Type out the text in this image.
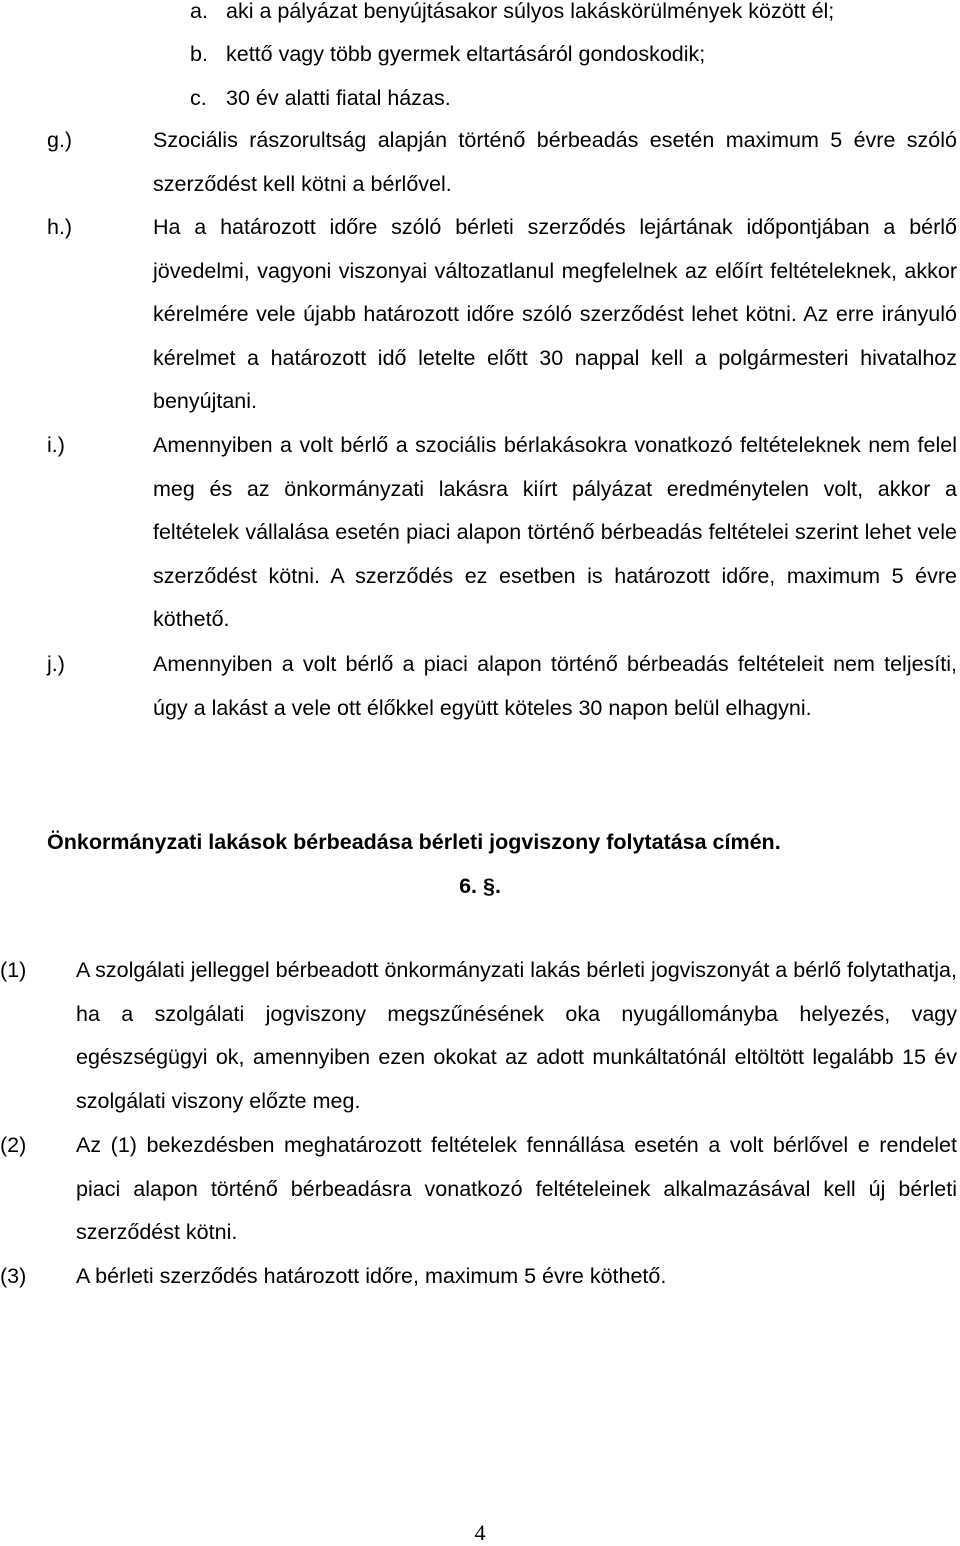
a. aki a pályázat benyújtásakor súlyos lakáskörülmények között él;
b. kettő vagy több gyermek eltartásáról gondoskodik;
c. 30 év alatti fiatal házas.
g.)	Szociális rászorultság alapján történő bérbeadás esetén maximum 5 évre szóló szerződést kell kötni a bérlővel.
h.)	Ha a határozott időre szóló bérleti szerződés lejártának időpontjában a bérlő jövedelmi, vagyoni viszonyai változatlanul megfelelnek az előírt feltételeknek, akkor kérelmére vele újabb határozott időre szóló szerződést lehet kötni. Az erre irányuló kérelmet a határozott idő letelte előtt 30 nappal kell a polgármesteri hivatalhoz benyújtani.
i.)	Amennyiben a volt bérlő a szociális bérlakásokra vonatkozó feltételeknek nem felel meg és az önkormányzati lakásra kiírt pályázat eredménytelen volt, akkor a feltételek vállalása esetén piaci alapon történő bérbeadás feltételei szerint lehet vele szerződést kötni. A szerződés ez esetben is határozott időre, maximum 5 évre köthető.
j.)	Amennyiben a volt bérlő a piaci alapon történő bérbeadás feltételeit nem teljesíti, úgy a lakást a vele ott élőkkel együtt köteles 30 napon belül elhagyni.
Önkormányzati lakások bérbeadása bérleti jogviszony folytatása címén.
6. §.
(1) A szolgálati jelleggel bérbeadott önkormányzati lakás bérleti jogviszonyát a bérlő folytathatja, ha a szolgálati jogviszony megszűnésének oka nyugállományba helyezés, vagy egészségügyi ok, amennyiben ezen okokat az adott munkáltatónál eltöltött legalább 15 év szolgálati viszony előzte meg.
(2) Az (1) bekezdésben meghatározott feltételek fennállása esetén a volt bérlővel e rendelet piaci alapon történő bérbeadásra vonatkozó feltételeinek alkalmazásával kell új bérleti szerződést kötni.
(3) A bérleti szerződés határozott időre, maximum 5 évre köthető.
4
